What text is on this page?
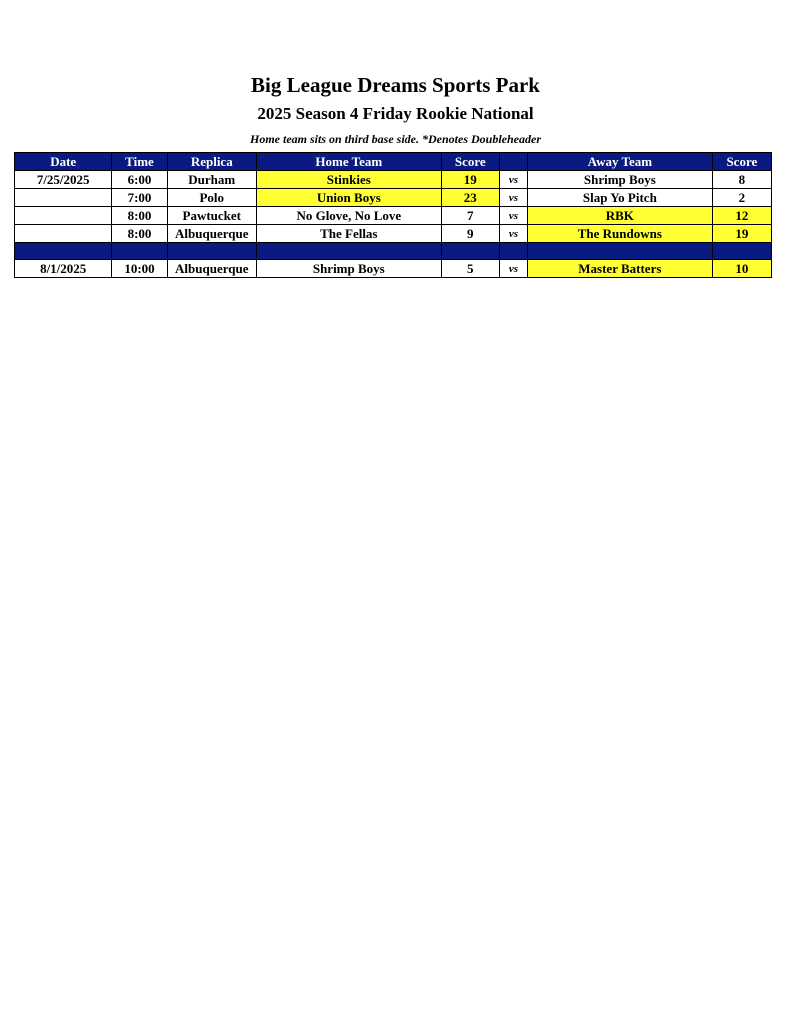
Big League Dreams Sports Park
2025 Season 4 Friday Rookie National
Home team sits on third base side. *Denotes Doubleheader
Date	Time	Replica	Home Team	Score		Away Team	Score
7/25/2025	6:00	Durham	Stinkies	19	vs	Shrimp Boys	8
	7:00	Polo	Union Boys	23	vs	Slap Yo Pitch	2
	8:00	Pawtucket	No Glove, No Love	7	vs	RBK	12
	8:00	Albuquerque	The Fellas	9	vs	The Rundowns	19

8/1/2025	10:00	Albuquerque	Shrimp Boys	5	vs	Master Batters	10
